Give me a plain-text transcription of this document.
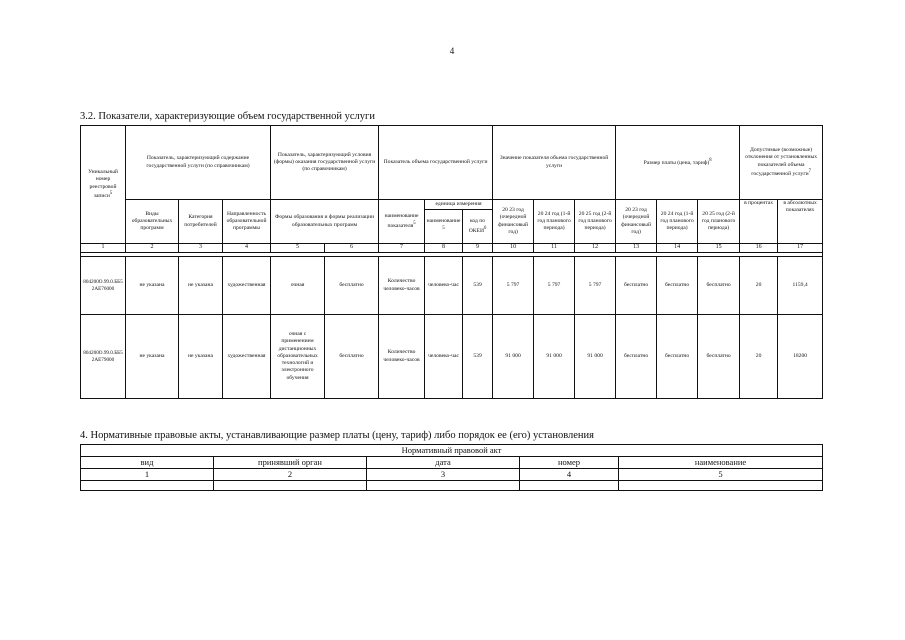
4
3.2. Показатели, характеризующие объем государственной услуги
Уникальный номер реестровой записи$^5$	Показатель, характеризующий содержание государственной услуги (по справочникам)			Показатель, характеризующий условия (формы) оказания государственной услуги (по справочникам)		Показатель объема государственной услуги			Значение показателя объема государственной услуги			Размер платы (цена, тариф)$^8$			Допустимые (возможные) отклонения от установленных показателей объема государственной услуги$^7$
	Виды образовательных программ	Категория потребителей	Направленность образовательной программы	Формы образования и формы реализации образовательных программ		наименование показателя$^5$	единица измерения		20 23 год (очередной финансовый год)	20 24 год (1-й год планового периода)	20 25 год (2-й год планового периода)	20 23 год (очередной финансовый год)	20 24 год (1-й год планового периода)	20 25 год (2-й год планового периода)	в процентах	в абсолютных показателях
							наименование$^5$	код по ОКЕИ$^6$
1	2	3	4	5	6	7	8	9	10	11	12	13	14	15	16	17

804200О.99.0.ББ52АЕ76000	не указана	не указана	художественная	очная	бесплатно	Количество человеко-часов	человеко-час	539	5 797	5 797	5 797	бесплатно	бесплатно	бесплатно	20	1159,4
804200О.99.0.ББ52АЕ79000	не указана	не указана	художественная	очная с применением дистанционных образовательных технологий и электронного обучения	бесплатно	Количество человеко-часов	человеко-час	539	91 000	91 000	91 000	бесплатно	бесплатно	бесплатно	20	18200
4. Нормативные правовые акты, устанавливающие размер платы (цену, тариф) либо порядок ее (его) установления
Нормативный правовой акт				
вид	принявший орган	дата	номер	наименование
1	2	3	4	5
